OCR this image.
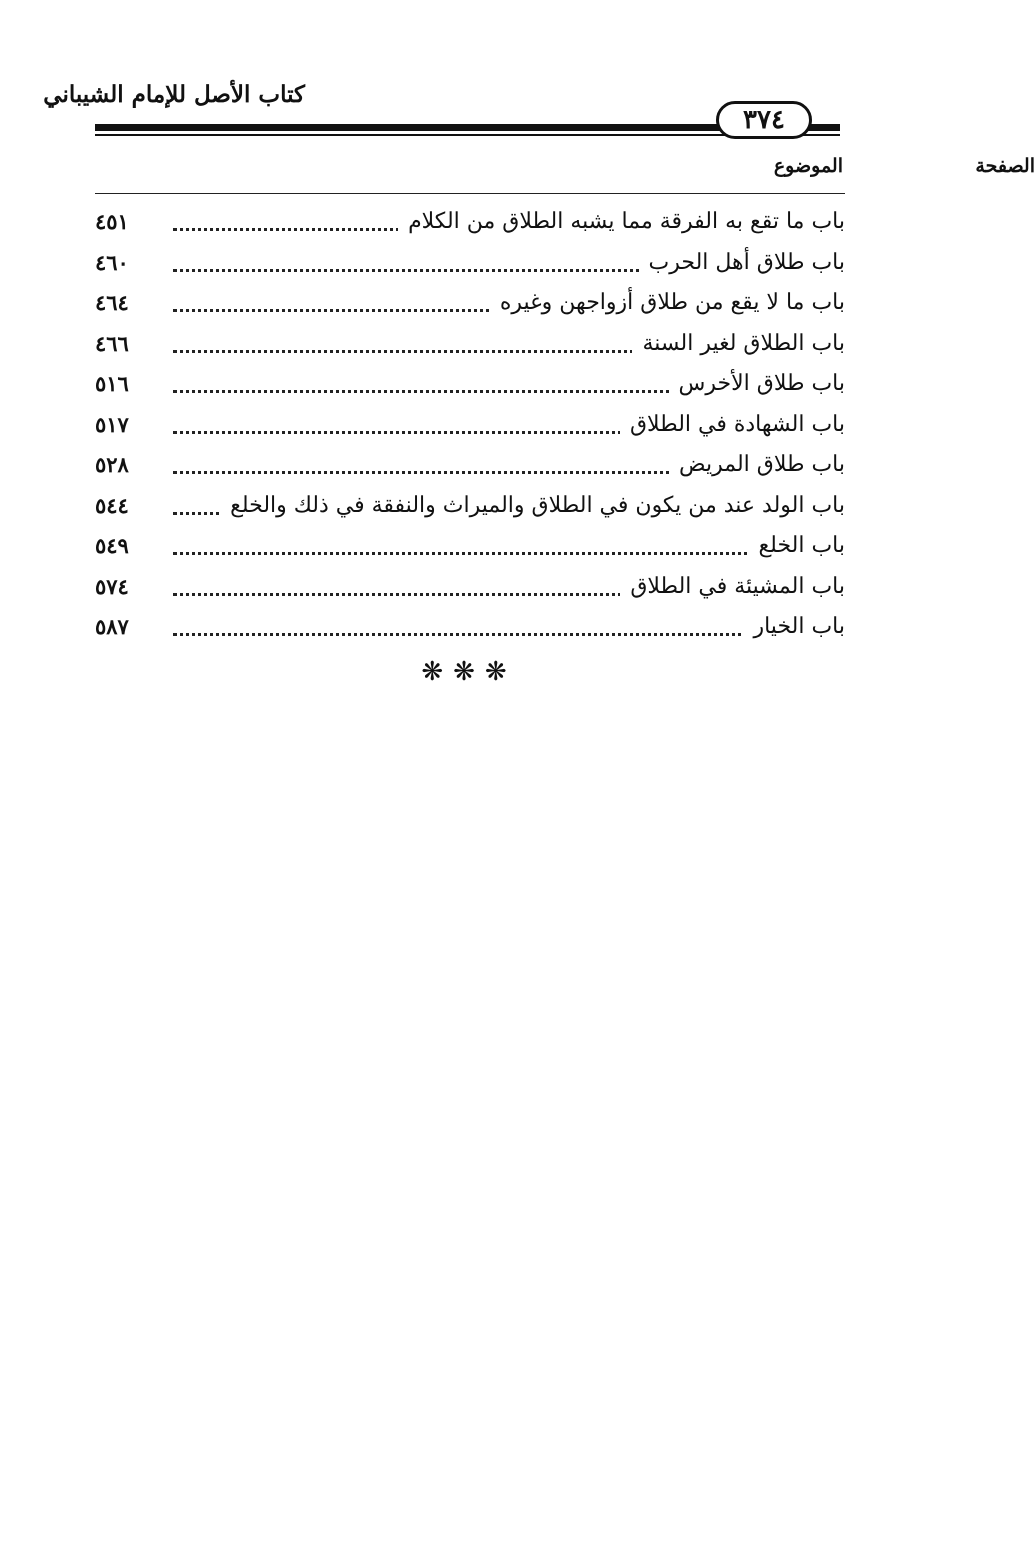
كتاب الأصل للإمام الشيباني
٣٧٤
الموضوع	الصفحة
باب ما تقع به الفرقة مما يشبه الطلاق من الكلام
٤٥١
باب طلاق أهل الحرب
٤٦٠
باب ما لا يقع من طلاق أزواجهن وغيره
٤٦٤
باب الطلاق لغير السنة
٤٦٦
باب طلاق الأخرس
٥١٦
باب الشهادة في الطلاق
٥١٧
باب طلاق المريض
٥٢٨
باب الولد عند من يكون في الطلاق والميراث والنفقة في ذلك والخلع
٥٤٤
باب الخلع
٥٤٩
باب المشيئة في الطلاق
٥٧٤
باب الخيار
٥٨٧
❋❋❋
